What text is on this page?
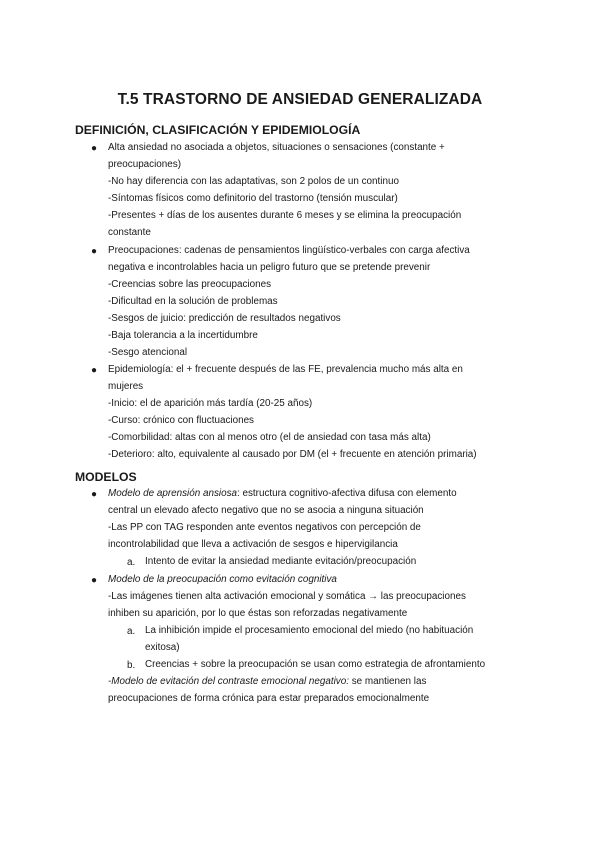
T.5 TRASTORNO DE ANSIEDAD GENERALIZADA
DEFINICIÓN, CLASIFICACIÓN Y EPIDEMIOLOGÍA
● Alta ansiedad no asociada a objetos, situaciones o sensaciones (constante +
preocupaciones)
-No hay diferencia con las adaptativas, son 2 polos de un continuo
-Síntomas físicos como definitorio del trastorno (tensión muscular)
-Presentes + días de los ausentes durante 6 meses y se elimina la preocupación
constante
● Preocupaciones: cadenas de pensamientos lingüístico-verbales con carga afectiva
negativa e incontrolables hacia un peligro futuro que se pretende prevenir
-Creencias sobre las preocupaciones
-Dificultad en la solución de problemas
-Sesgos de juicio: predicción de resultados negativos
-Baja tolerancia a la incertidumbre
-Sesgo atencional
● Epidemiología: el + frecuente después de las FE, prevalencia mucho más alta en
mujeres
-Inicio: el de aparición más tardía (20-25 años)
-Curso: crónico con fluctuaciones
-Comorbilidad: altas con al menos otro (el de ansiedad con tasa más alta)
-Deterioro: alto, equivalente al causado por DM (el + frecuente en atención primaria)
MODELOS
● Modelo de aprensión ansiosa: estructura cognitivo-afectiva difusa con elemento
central un elevado afecto negativo que no se asocia a ninguna situación
-Las PP con TAG responden ante eventos negativos con percepción de
incontrolabilidad que lleva a activación de sesgos e hipervigilancia
a. Intento de evitar la ansiedad mediante evitación/preocupación
● Modelo de la preocupación como evitación cognitiva
-Las imágenes tienen alta activación emocional y somática → las preocupaciones
inhiben su aparición, por lo que éstas son reforzadas negativamente
a. La inhibición impide el procesamiento emocional del miedo (no habituación
exitosa)
b. Creencias + sobre la preocupación se usan como estrategia de afrontamiento
-Modelo de evitación del contraste emocional negativo: se mantienen las
preocupaciones de forma crónica para estar preparados emocionalmente
